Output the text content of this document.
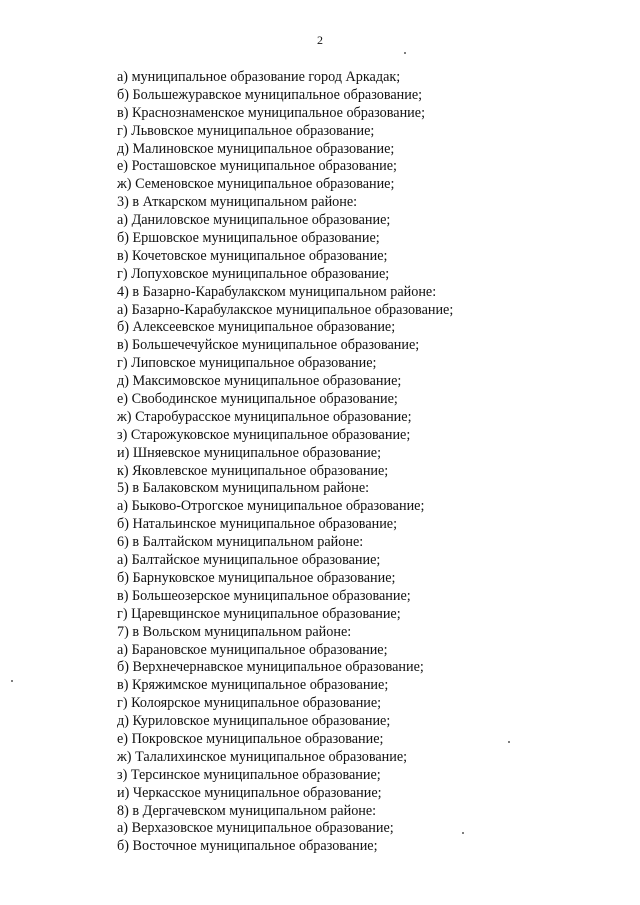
2
а) муниципальное образование город Аркадак;
б) Большежуравское муниципальное образование;
в) Краснознаменское муниципальное образование;
г) Львовское муниципальное образование;
д) Малиновское муниципальное образование;
е) Росташовское муниципальное образование;
ж) Семеновское муниципальное образование;
3) в Аткарском муниципальном районе:
а) Даниловское муниципальное образование;
б) Ершовское муниципальное образование;
в) Кочетовское муниципальное образование;
г) Лопуховское муниципальное образование;
4) в Базарно-Карабулакском муниципальном районе:
а) Базарно-Карабулакское муниципальное образование;
б) Алексеевское муниципальное образование;
в) Большечечуйское муниципальное образование;
г) Липовское муниципальное образование;
д) Максимовское муниципальное образование;
е) Свободинское муниципальное образование;
ж) Старобурасское муниципальное образование;
з) Старожуковское муниципальное образование;
и) Шняевское муниципальное образование;
к) Яковлевское муниципальное образование;
5) в Балаковском муниципальном районе:
а) Быково-Отрогское муниципальное образование;
б) Натальинское муниципальное образование;
6) в Балтайском муниципальном районе:
а) Балтайское муниципальное образование;
б) Барнуковское муниципальное образование;
в) Большеозерское муниципальное образование;
г) Царевщинское муниципальное образование;
7) в Вольском муниципальном районе:
а) Барановское муниципальное образование;
б) Верхнечернавское муниципальное образование;
в) Кряжимское муниципальное образование;
г) Колоярское муниципальное образование;
д) Куриловское муниципальное образование;
е) Покровское муниципальное образование;
ж) Талалихинское муниципальное образование;
з) Терсинское муниципальное образование;
и) Черкасское муниципальное образование;
8) в Дергачевском муниципальном районе:
а) Верхазовское муниципальное образование;
б) Восточное муниципальное образование;
